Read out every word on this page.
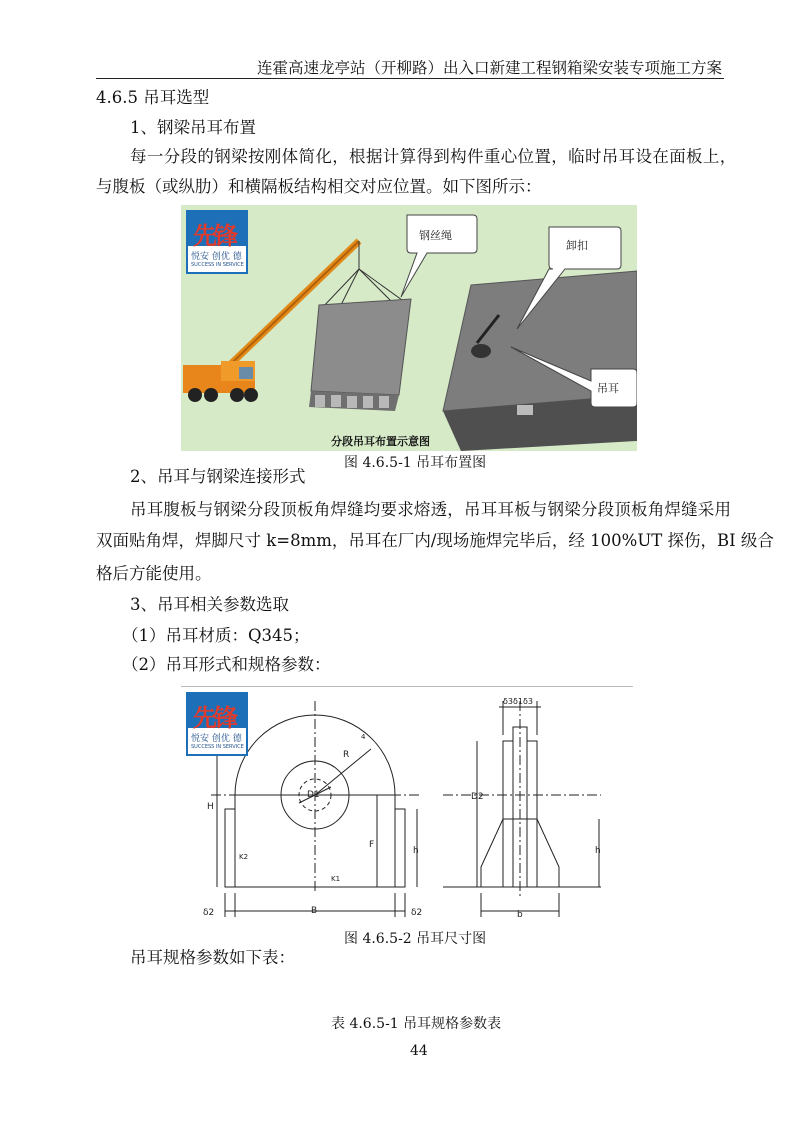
连霍高速龙亭站（开柳路）出入口新建工程钢箱梁安装专项施工方案
4.6.5 吊耳选型
1、钢梁吊耳布置
每一分段的钢梁按刚体简化，根据计算得到构件重心位置，临时吊耳设在面板上，
与腹板（或纵肋）和横隔板结构相交对应位置。如下图所示：
钢丝绳
卸扣
吊耳
分段吊耳布置示意图
先锋
悦安 创优 德
SUCCESS IN SERVICE
图 4.6.5-1 吊耳布置图
2、吊耳与钢梁连接形式
吊耳腹板与钢梁分段顶板角焊缝均要求熔透，吊耳耳板与钢梁分段顶板角焊缝采用
双面贴角焊，焊脚尺寸 k=8mm，吊耳在厂内/现场施焊完毕后，经 100%UT 探伤，BI 级合
格后方能使用。
3、吊耳相关参数选取
（1）吊耳材质：Q345；
（2）吊耳形式和规格参数：
B
δ2	δ2
H
F
h
R
D1
K1
K2
4
D2
h
b
δ3δ1δ3
先锋
悦安 创优 德
SUCCESS IN SERVICE
图 4.6.5-2 吊耳尺寸图
吊耳规格参数如下表：
表 4.6.5-1 吊耳规格参数表
44
